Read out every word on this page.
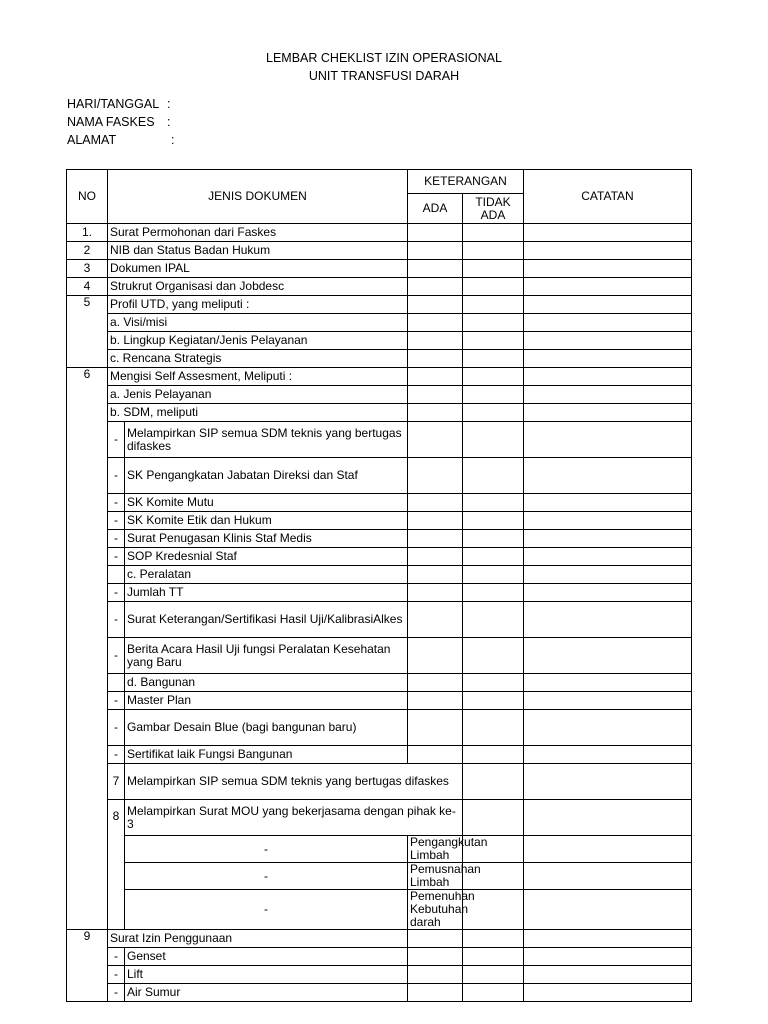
LEMBAR CHEKLIST IZIN OPERASIONAL
UNIT TRANSFUSI DARAH
HARI/TANGGAL :
NAMA FASKES :
ALAMAT	:
NO	JENIS DOKUMEN		KETERANGAN		CATATAN	
			ADA	TIDAK ADA		
1.	Surat Permohonan dari Faskes					
2	NIB dan Status Badan Hukum					
3	Dokumen IPAL					
4	Strukrut Organisasi dan Jobdesc					
5	Profil UTD, yang meliputi :					
	a. Visi/misi					
	b. Lingkup Kegiatan/Jenis Pelayanan					
	c. Rencana Strategis					
6	Mengisi Self Assesment, Meliputi :					
	a. Jenis Pelayanan					
	b. SDM, meliputi					
	-	Melampirkan SIP semua SDM teknis yang bertugas difaskes				
	-	SK Pengangkatan Jabatan Direksi dan Staf				
	-	SK Komite Mutu				
	-	SK Komite Etik dan Hukum				
	-	Surat Penugasan Klinis Staf Medis				
	-	SOP Kredesnial Staf				
		c. Peralatan				
	-	Jumlah TT				
	-	Surat Keterangan/Sertifikasi Hasil Uji/KalibrasiAlkes				
	-	Berita Acara Hasil Uji fungsi Peralatan Kesehatan yang Baru				
		d. Bangunan				
	-	Master Plan				
	-	Gambar Desain Blue (bagi bangunan baru)				
	-	Sertifikat laik Fungsi Bangunan				
	7	Melampirkan SIP semua SDM teknis yang bertugas difaskes				
	8	Melampirkan Surat MOU yang bekerjasama dengan pihak ke-3				
		-	Pengangkutan Limbah			
		-	Pemusnahan Limbah			
		-	Pemenuhan Kebutuhan darah			
9	Surat Izin Penggunaan					
	-	Genset				
	-	Lift				
	-	Air Sumur				
